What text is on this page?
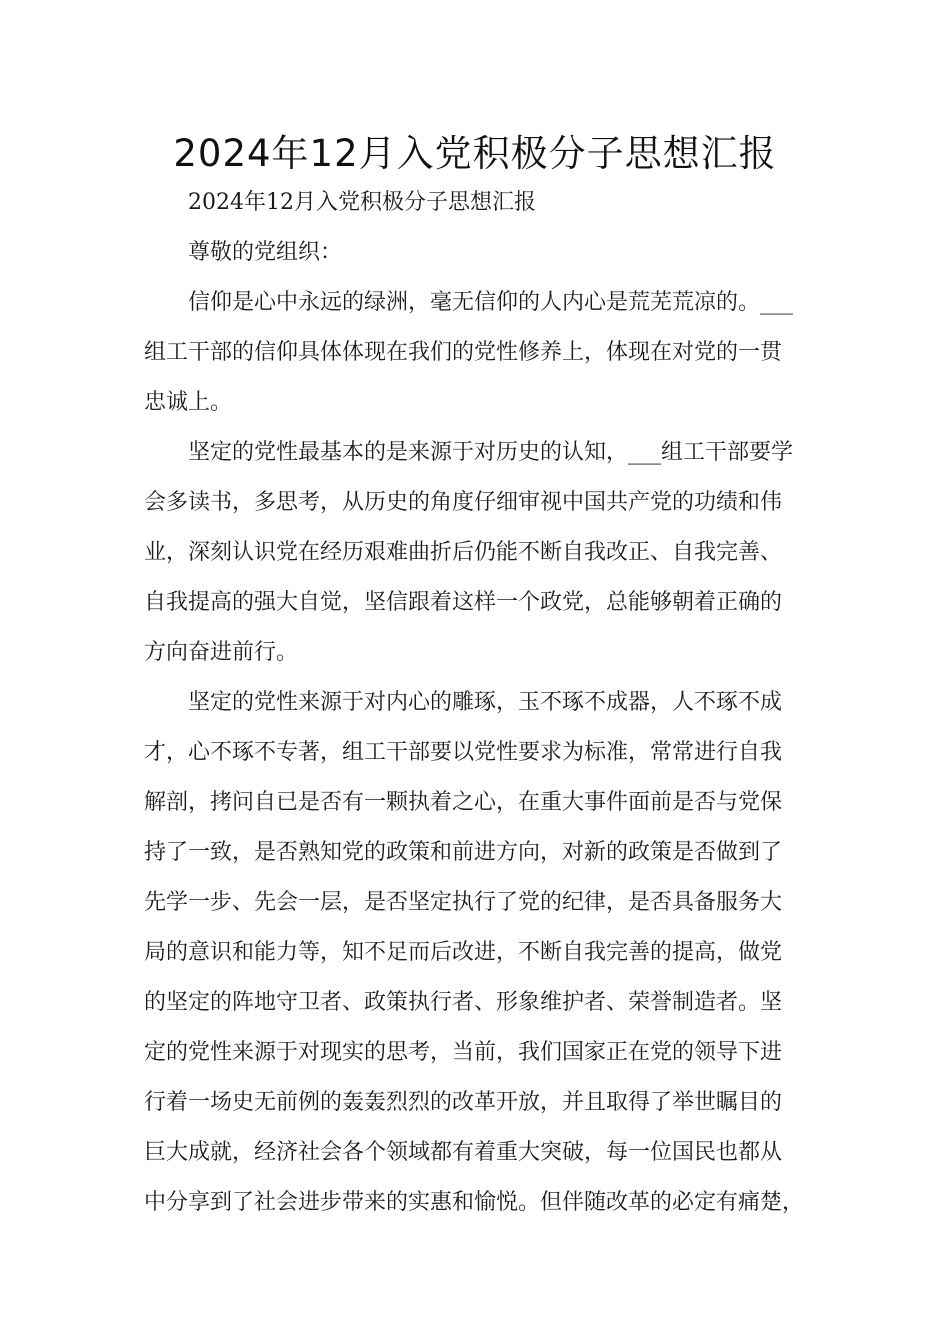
2024年12月入党积极分子思想汇报
2024年12月入党积极分子思想汇报
尊敬的党组织：
信仰是心中永远的绿洲，毫无信仰的人内心是荒芜荒凉的。___
组工干部的信仰具体体现在我们的党性修养上，体现在对党的一贯
忠诚上。
坚定的党性最基本的是来源于对历史的认知，___组工干部要学
会多读书，多思考，从历史的角度仔细审视中国共产党的功绩和伟
业，深刻认识党在经历艰难曲折后仍能不断自我改正、自我完善、
自我提高的强大自觉，坚信跟着这样一个政党，总能够朝着正确的
方向奋进前行。
坚定的党性来源于对内心的雕琢，玉不琢不成器，人不琢不成
才，心不琢不专著，组工干部要以党性要求为标准，常常进行自我
解剖，拷问自已是否有一颗执着之心，在重大事件面前是否与党保
持了一致，是否熟知党的政策和前进方向，对新的政策是否做到了
先学一步、先会一层，是否坚定执行了党的纪律，是否具备服务大
局的意识和能力等，知不足而后改进，不断自我完善的提高，做党
的坚定的阵地守卫者、政策执行者、形象维护者、荣誉制造者。坚
定的党性来源于对现实的思考，当前，我们国家正在党的领导下进
行着一场史无前例的轰轰烈烈的改革开放，并且取得了举世瞩目的
巨大成就，经济社会各个领域都有着重大突破，每一位国民也都从
中分享到了社会进步带来的实惠和愉悦。但伴随改革的必定有痛楚，
